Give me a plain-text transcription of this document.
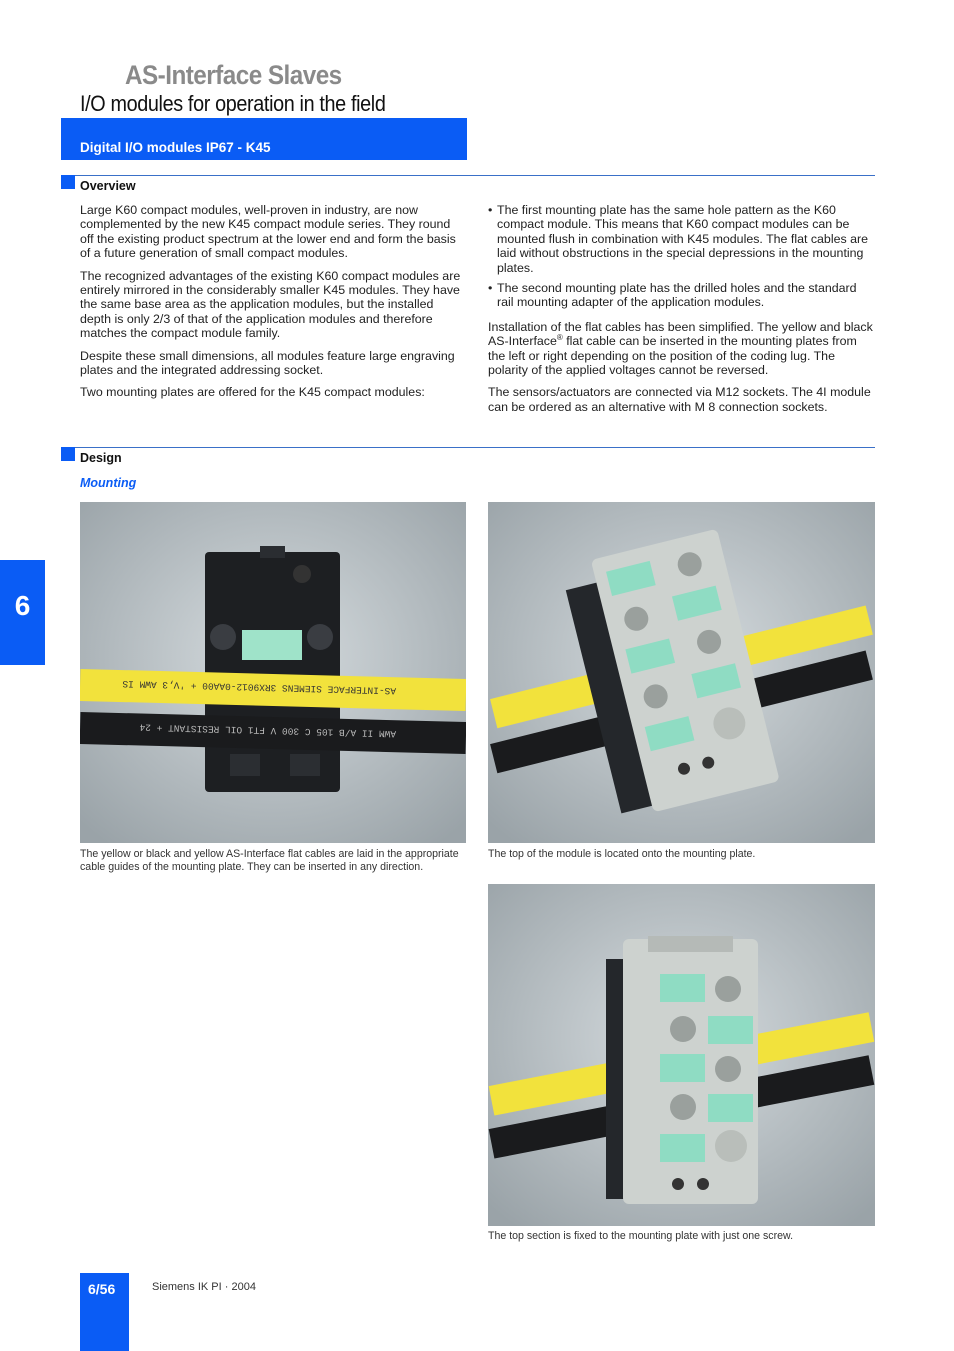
AS-Interface Slaves
I/O modules for operation in the field
Digital I/O modules IP67 - K45
Overview

Large K60 compact modules, well-proven in industry, are now complemented by the new K45 compact module series. They round off the existing product spectrum at the lower end and form the basis of a future generation of small compact modules.

The recognized advantages of the existing K60 compact modules are entirely mirrored in the considerably smaller K45 modules. They have the same base area as the application modules, but the installed depth is only 2/3 of that of the application modules and therefore matches the compact module family.

Despite these small dimensions, all modules feature large engraving plates and the integrated addressing socket.

Two mounting plates are offered for the K45 compact modules:

• The first mounting plate has the same hole pattern as the K60 compact module. This means that K60 compact modules can be mounted flush in combination with K45 modules. The flat cables are laid without obstructions in the special depressions in the mounting plates.
• The second mounting plate has the drilled holes and the standard rail mounting adapter of the application modules.

Installation of the flat cables has been simplified. The yellow and black AS-Interface® flat cable can be inserted in the mounting plates from the left or right depending on the position of the coding lug. The polarity of the applied voltages cannot be reversed.

The sensors/actuators are connected via M12 sockets. The 4I module can be ordered as an alternative with M 8 connection sockets.

Design
Mounting
AS-INTERFACE SIEMENS 3RX9012-0AA00 + 'V,3 AWM IS
AWM II A/B 105 C 300 V FT1 OIL RESISTANT + 24
The yellow or black and yellow AS-Interface flat cables are laid in the appropriate cable guides of the mounting plate. They can be inserted in any direction.
The top of the module is located onto the mounting plate.
The top section is fixed to the mounting plate with just one screw.
6
6/56	Siemens IK PI · 2004
